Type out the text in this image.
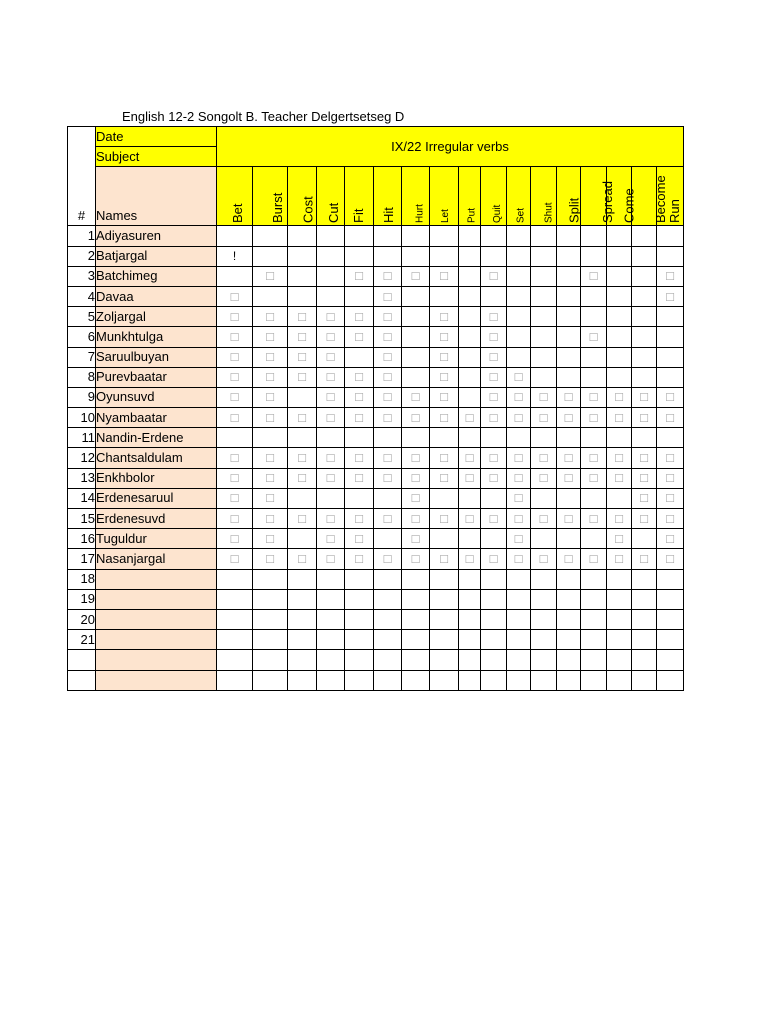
English 12-2 Songolt B. Teacher Delgertsetseg D
#	Date	IX/22 Irregular verbs																
	Subject																	
	Names	Bet	Burst	Cost	Cut	Fit	Hit	Hurt	Let	Put	Quit	Set	Shut	Split	Spread	Come	Become	Run

1	Adiyasuren																	
2	Batjargal	!																
3	Batchimeg		□			□	□	□	□		□				□			□
4	Davaa	□					□											□
5	Zoljargal	□	□	□	□	□	□		□		□							
6	Munkhtulga	□	□	□	□	□	□		□		□				□			
7	Saruulbuyan	□	□	□	□		□		□		□							
8	Purevbaatar	□	□	□	□	□	□		□		□	□						
9	Oyunsuvd	□	□		□	□	□	□	□		□	□	□	□	□	□	□	□
10	Nyambaatar	□	□	□	□	□	□	□	□	□	□	□	□	□	□	□	□	□
11	Nandin-Erdene																	
12	Chantsaldulam	□	□	□	□	□	□	□	□	□	□	□	□	□	□	□	□	□
13	Enkhbolor	□	□	□	□	□	□	□	□	□	□	□	□	□	□	□	□	□
14	Erdenesaruul	□	□					□				□					□	□
15	Erdenesuvd	□	□	□	□	□	□	□	□	□	□	□	□	□	□	□	□	□
16	Tuguldur	□	□		□	□		□				□				□		□
17	Nasanjargal	□	□	□	□	□	□	□	□	□	□	□	□	□	□	□	□	□
18																		
19																		
20																		
21																		
